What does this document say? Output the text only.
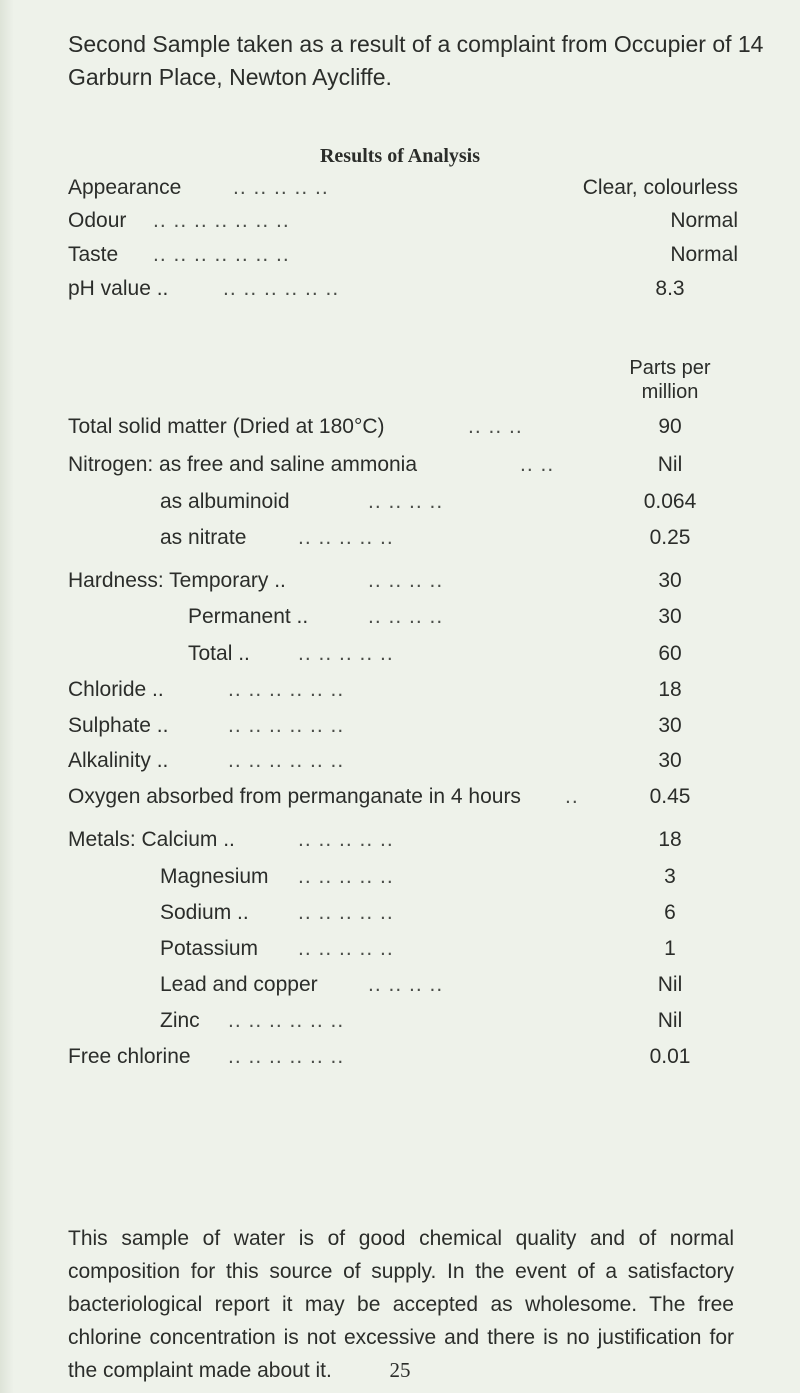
Second Sample taken as a result of a complaint from Occupier of 14 Garburn Place, Newton Aycliffe.
Results of Analysis
Appearance .. .. .. .. ..	Clear, colourless
Odour .. .. .. .. .. .. ..	Normal
Taste .. .. .. .. .. .. ..	Normal
pH value ..	.. .. .. .. .. ..	8.3
Parts per million
Total solid matter (Dried at 180°C)	.. .. ..	90
Nitrogen: as free and saline ammonia	.. ..	Nil
as albuminoid	.. .. .. ..	0.064
as nitrate .. .. .. .. ..	0.25
Hardness: Temporary ..	.. .. .. ..	30
Permanent ..	.. .. .. ..	30
Total .. .. .. .. .. ..	60
Chloride ..	.. .. .. .. .. ..	18
Sulphate ..	.. .. .. .. .. ..	30
Alkalinity ..	.. .. .. .. .. ..	30
Oxygen absorbed from permanganate in 4 hours ..	0.45
Metals: Calcium ..	.. .. .. .. ..	18
Magnesium .. .. .. .. ..	3
Sodium .. .. .. .. .. ..	6
Potassium .. .. .. .. ..	1
Lead and copper .. .. .. ..	Nil
Zinc .. .. .. .. .. ..	Nil
Free chlorine .. .. .. .. .. ..	0.01
This sample of water is of good chemical quality and of normal composition for this source of supply. In the event of a satisfactory bacteriological report it may be accepted as wholesome. The free chlorine concentration is not excessive and there is no justification for the complaint made about it.	25
